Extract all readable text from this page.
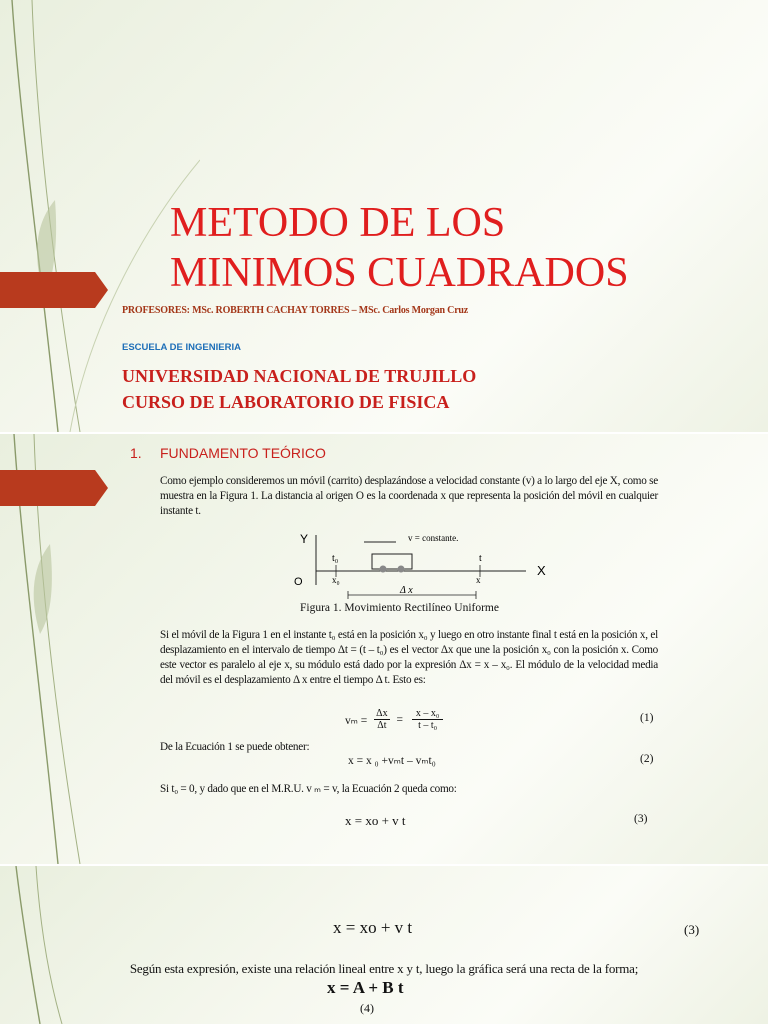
METODO DE LOS
MINIMOS CUADRADOS
PROFESORES: MSc. ROBERTH CACHAY TORRES – MSc. Carlos Morgan Cruz
ESCUELA DE INGENIERIA
UNIVERSIDAD NACIONAL DE TRUJILLO
CURSO DE LABORATORIO DE FISICA
1. FUNDAMENTO TEÓRICO

Como ejemplo consideremos un móvil (carrito) desplazándose a velocidad constante (v) a lo largo del eje X, como se muestra en la Figura 1. La distancia al origen O es la coordenada x que representa la posición del móvil en cualquier instante t.

Y
X
O
t₀	t
v = constante.
x₀	x
Δ x
Figura 1. Movimiento Rectilíneo Uniforme

Si el móvil de la Figura 1 en el instante t₀ está en la posición x₀ y luego en otro instante final t está en la posición x, el desplazamiento en el intervalo de tiempo Δt = (t – t₀) es el vector Δx que une la posición x₀ con la posición x. Como este vector es paralelo al eje x, su módulo está dado por la expresión Δx = x – x₀. El módulo de la velocidad media del móvil es el desplazamiento Δ x entre el tiempo Δ t. Esto es:

$v_m = \frac{\Delta x}{\Delta t} = \frac{\text{x – x₀}}{\text{t – t₀}}$	(1)
De la Ecuación 1 se puede obtener:
x = x ₀ +vₘt – vₘt₀	(2)
Si t₀ = 0, y dado que en el M.R.U. v ₘ = v, la Ecuación 2 queda como:
x = xo + v t	(3)
x = xo + v t	(3)
Según esta expresión, existe una relación lineal entre x y t, luego la gráfica será una recta de la forma;
x = A + B t
(4)
